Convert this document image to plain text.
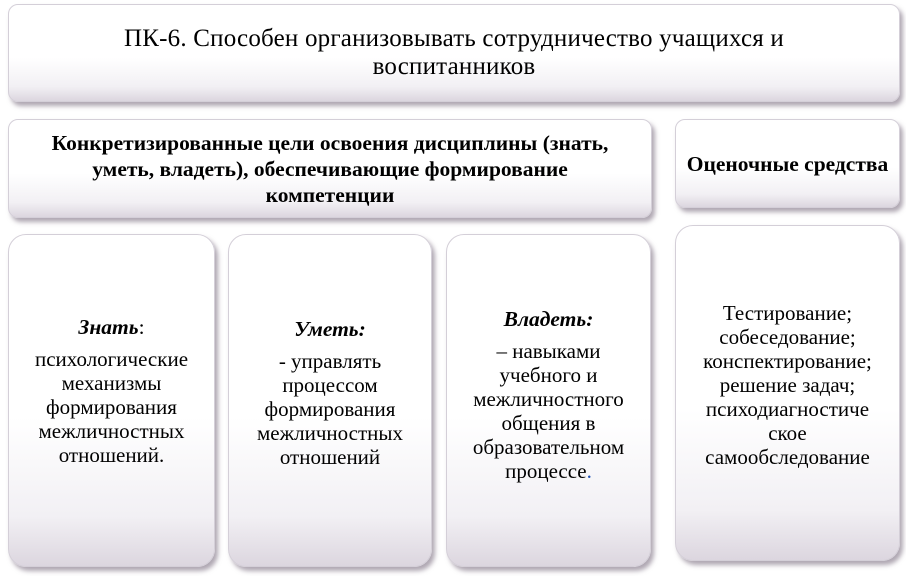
ПК-6. Способен организовывать сотрудничество учащихся и воспитанников
Конкретизированные цели освоения дисциплины (знать, уметь, владеть), обеспечивающие формирование компетенции
Оценочные средства
Знать:
психологические
механизмы
формирования
межличностных
отношений.
Уметь:
- управлять
процессом
формирования
межличностных
отношений
Владеть:
– навыками
учебного и
межличностного
общения в
образовательном
процессе.
Тестирование;
собеседование;
конспектирование;
решение задач;
психодиагностиче
ское
самообследование
